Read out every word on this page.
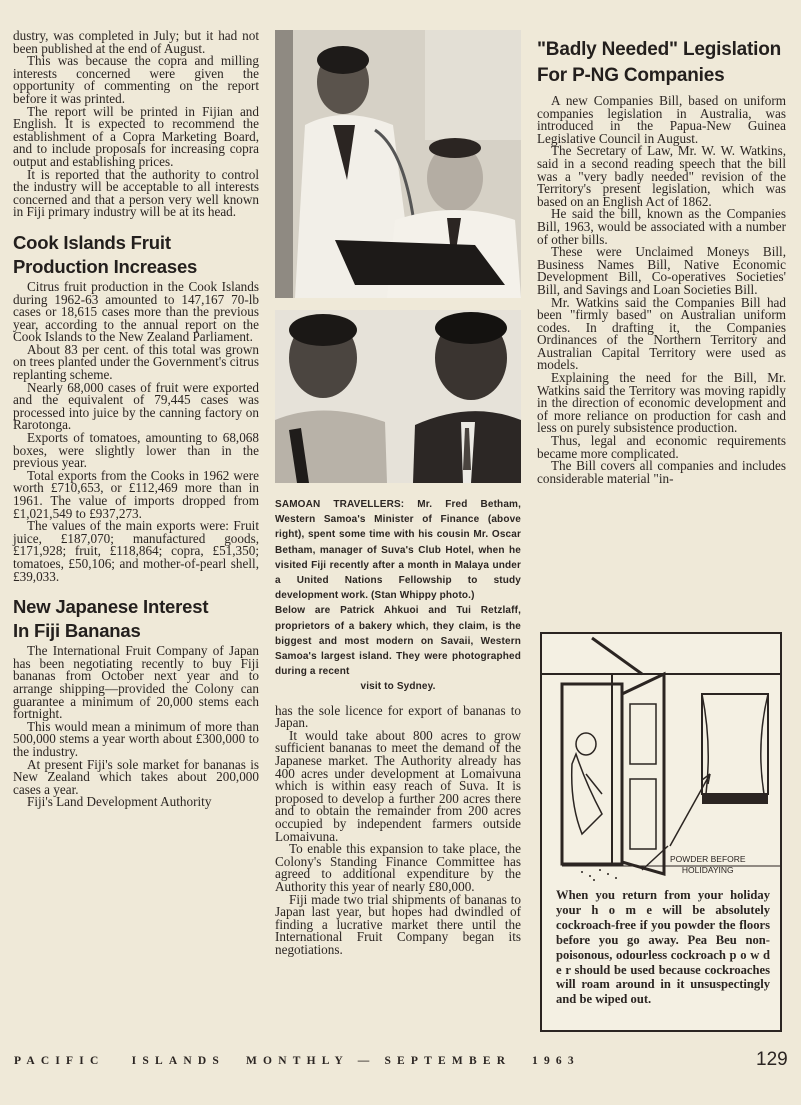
dustry, was completed in July; but it had not been published at the end of August.

This was because the copra and milling interests concerned were given the opportunity of commenting on the report before it was printed.

The report will be printed in Fijian and English. It is expected to recommend the establishment of a Copra Marketing Board, and to include proposals for increasing copra output and establishing prices.

It is reported that the authority to control the industry will be acceptable to all interests concerned and that a person very well known in Fiji primary industry will be at its head.

Cook Islands Fruit
Production Increases

Citrus fruit production in the Cook Islands during 1962-63 amounted to 147,167 70-lb cases or 18,615 cases more than the previous year, according to the annual report on the Cook Islands to the New Zealand Parliament.

About 83 per cent. of this total was grown on trees planted under the Government's citrus replanting scheme.

Nearly 68,000 cases of fruit were exported and the equivalent of 79,445 cases was processed into juice by the canning factory on Rarotonga.

Exports of tomatoes, amounting to 68,068 boxes, were slightly lower than in the previous year.

Total exports from the Cooks in 1962 were worth £710,653, or £112,469 more than in 1961. The value of imports dropped from £1,021,549 to £937,273.

The values of the main exports were: Fruit juice, £187,070; manufactured goods, £171,928; fruit, £118,864; copra, £51,350; tomatoes, £50,106; and mother-of-pearl shell, £39,033.

New Japanese Interest
In Fiji Bananas

The International Fruit Company of Japan has been negotiating recently to buy Fiji bananas from October next year and to arrange shipping—provided the Colony can guarantee a minimum of 20,000 stems each fortnight.

This would mean a minimum of more than 500,000 stems a year worth about £300,000 to the industry.

At present Fiji's sole market for bananas is New Zealand which takes about 200,000 cases a year.

Fiji's Land Development Authority

SAMOAN TRAVELLERS: Mr. Fred Betham, Western Samoa's Minister of Finance (above right), spent some time with his cousin Mr. Oscar Betham, manager of Suva's Club Hotel, when he visited Fiji recently after a month in Malaya under a United Nations Fellowship to study development work. (Stan Whippy photo.)

Below are Patrick Ahkuoi and Tui Retzlaff, proprietors of a bakery which, they claim, is the biggest and most modern on Savaii, Western Samoa's largest island. They were photographed during a recent

visit to Sydney.

has the sole licence for export of bananas to Japan.

It would take about 800 acres to grow sufficient bananas to meet the demand of the Japanese market. The Authority already has 400 acres under development at Lomaivuna which is within easy reach of Suva. It is proposed to develop a further 200 acres there and to obtain the remainder from 200 acres occupied by independent farmers outside Lomaivuna.

To enable this expansion to take place, the Colony's Standing Finance Committee has agreed to additional expenditure by the Authority this year of nearly £80,000.

Fiji made two trial shipments of bananas to Japan last year, but hopes had dwindled of finding a lucrative market there until the International Fruit Company began its negotiations.

"Badly Needed" Legislation
For P-NG Companies

A new Companies Bill, based on uniform companies legislation in Australia, was introduced in the Papua-New Guinea Legislative Council in August.

The Secretary of Law, Mr. W. W. Watkins, said in a second reading speech that the bill was a "very badly needed" revision of the Territory's present legislation, which was based on an English Act of 1862.

He said the bill, known as the Companies Bill, 1963, would be associated with a number of other bills.

These were Unclaimed Moneys Bill, Business Names Bill, Native Economic Development Bill, Co-operatives Societies' Bill, and Savings and Loan Societies Bill.

Mr. Watkins said the Companies Bill had been "firmly based" on Australian uniform codes. In drafting it, the Companies Ordinances of the Northern Territory and Australian Capital Territory were used as models.

Explaining the need for the Bill, Mr. Watkins said the Territory was moving rapidly in the direction of economic development and of more reliance on production for cash and less on purely subsistence production.

Thus, legal and economic requirements became more complicated.

The Bill covers all companies and includes considerable material "in-

POWDER BEFORE
HOLIDAYING
When you return from your holiday your h o m e will be absolutely cockroach-free if you powder the floors before you go away. Pea Beu non-poisonous, odourless cockroach p o w d e r should be used because cockroaches will roam around in it unsuspectingly and be wiped out.
PACIFIC   ISLANDS MONTHLY — SEPTEMBER 1963	129
